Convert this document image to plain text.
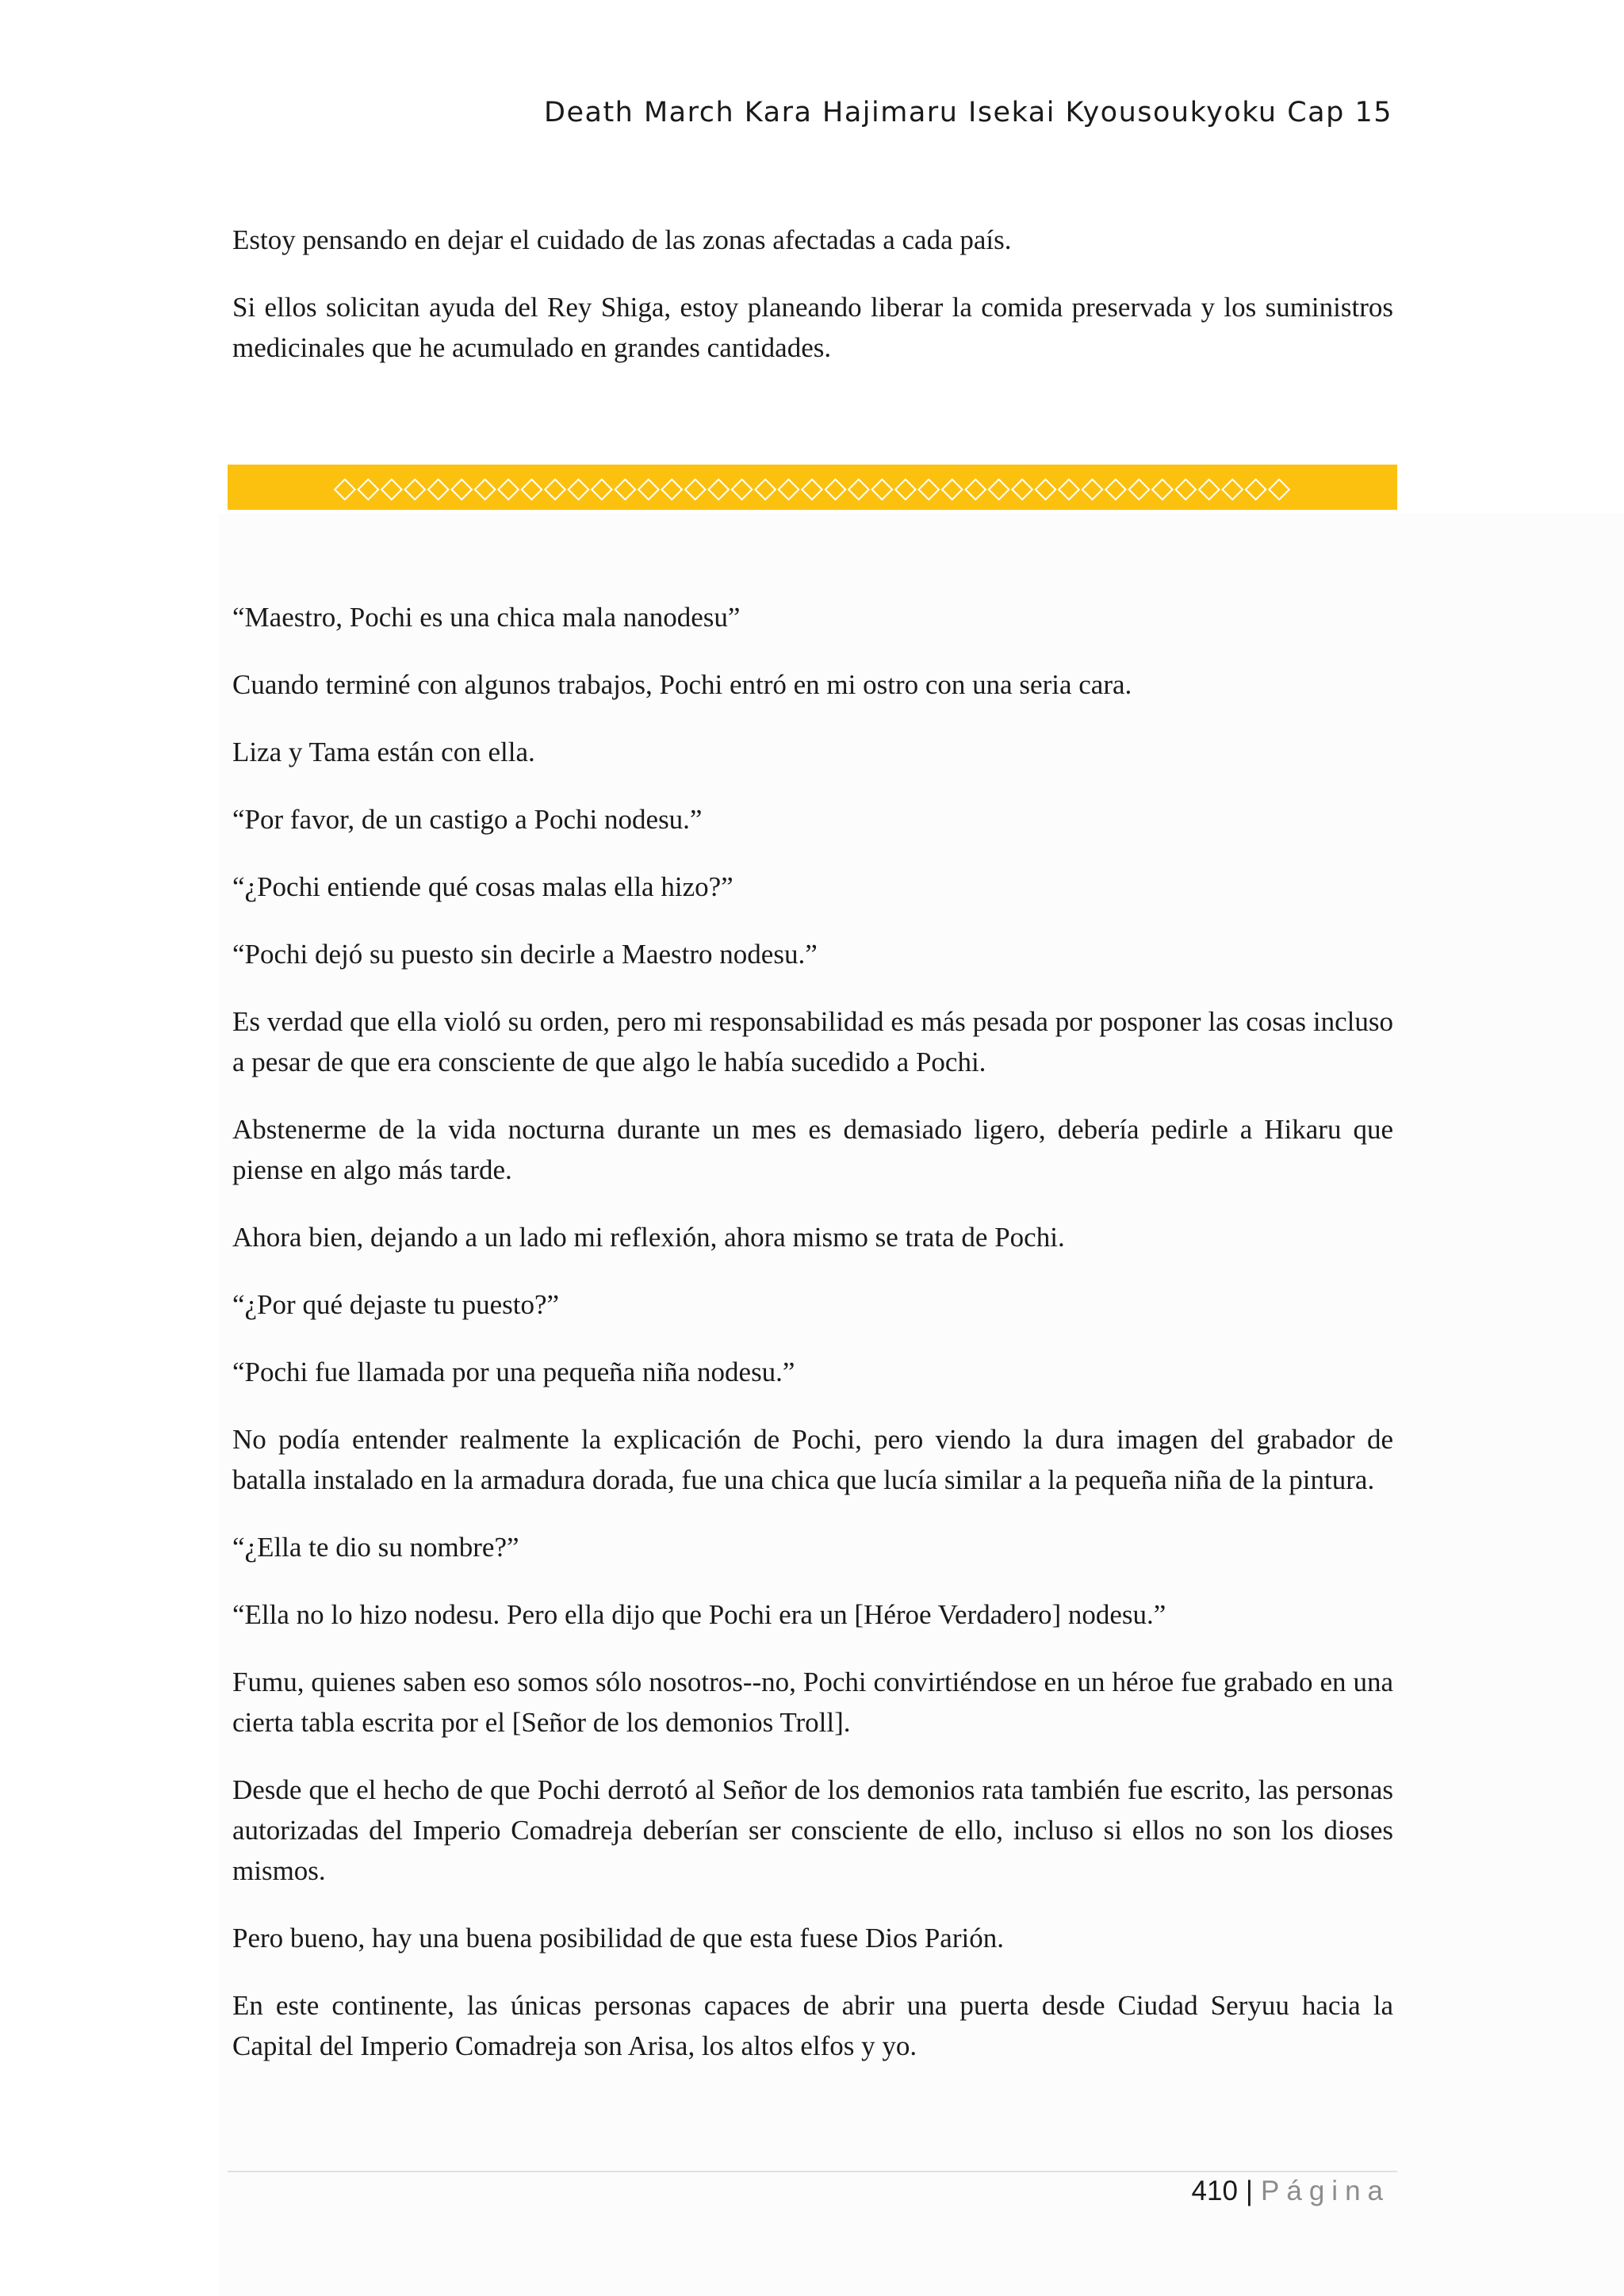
Death March Kara Hajimaru Isekai Kyousoukyoku Cap 15

Estoy pensando en dejar el cuidado de las zonas afectadas a cada país.

Si ellos solicitan ayuda del Rey Shiga, estoy planeando liberar la comida preservada y los suministros medicinales que he acumulado en grandes cantidades.

◇◇◇◇◇◇◇◇◇◇◇◇◇◇◇◇◇◇◇◇◇◇◇◇◇◇◇◇◇◇◇◇◇◇◇◇◇◇◇◇◇

“Maestro, Pochi es una chica mala nanodesu”

Cuando terminé con algunos trabajos, Pochi entró en mi ostro con una seria cara.

Liza y Tama están con ella.

“Por favor, de un castigo a Pochi nodesu.”

“¿Pochi entiende qué cosas malas ella hizo?”

“Pochi dejó su puesto sin decirle a Maestro nodesu.”

Es verdad que ella violó su orden, pero mi responsabilidad es más pesada por posponer las cosas incluso a pesar de que era consciente de que algo le había sucedido a Pochi.

Abstenerme de la vida nocturna durante un mes es demasiado ligero, debería pedirle a Hikaru que piense en algo más tarde.

Ahora bien, dejando a un lado mi reflexión, ahora mismo se trata de Pochi.

“¿Por qué dejaste tu puesto?”

“Pochi fue llamada por una pequeña niña nodesu.”

No podía entender realmente la explicación de Pochi, pero viendo la dura imagen del grabador de batalla instalado en la armadura dorada, fue una chica que lucía similar a la pequeña niña de la pintura.

“¿Ella te dio su nombre?”

“Ella no lo hizo nodesu. Pero ella dijo que Pochi era un [Héroe Verdadero] nodesu.”

Fumu, quienes saben eso somos sólo nosotros--no, Pochi convirtiéndose en un héroe fue grabado en una cierta tabla escrita por el [Señor de los demonios Troll].

Desde que el hecho de que Pochi derrotó al Señor de los demonios rata también fue escrito, las personas autorizadas del Imperio Comadreja deberían ser consciente de ello, incluso si ellos no son los dioses mismos.

Pero bueno, hay una buena posibilidad de que esta fuese Dios Parión.

En este continente, las únicas personas capaces de abrir una puerta desde Ciudad Seryuu hacia la Capital del Imperio Comadreja son Arisa, los altos elfos y yo.

410 | Página
